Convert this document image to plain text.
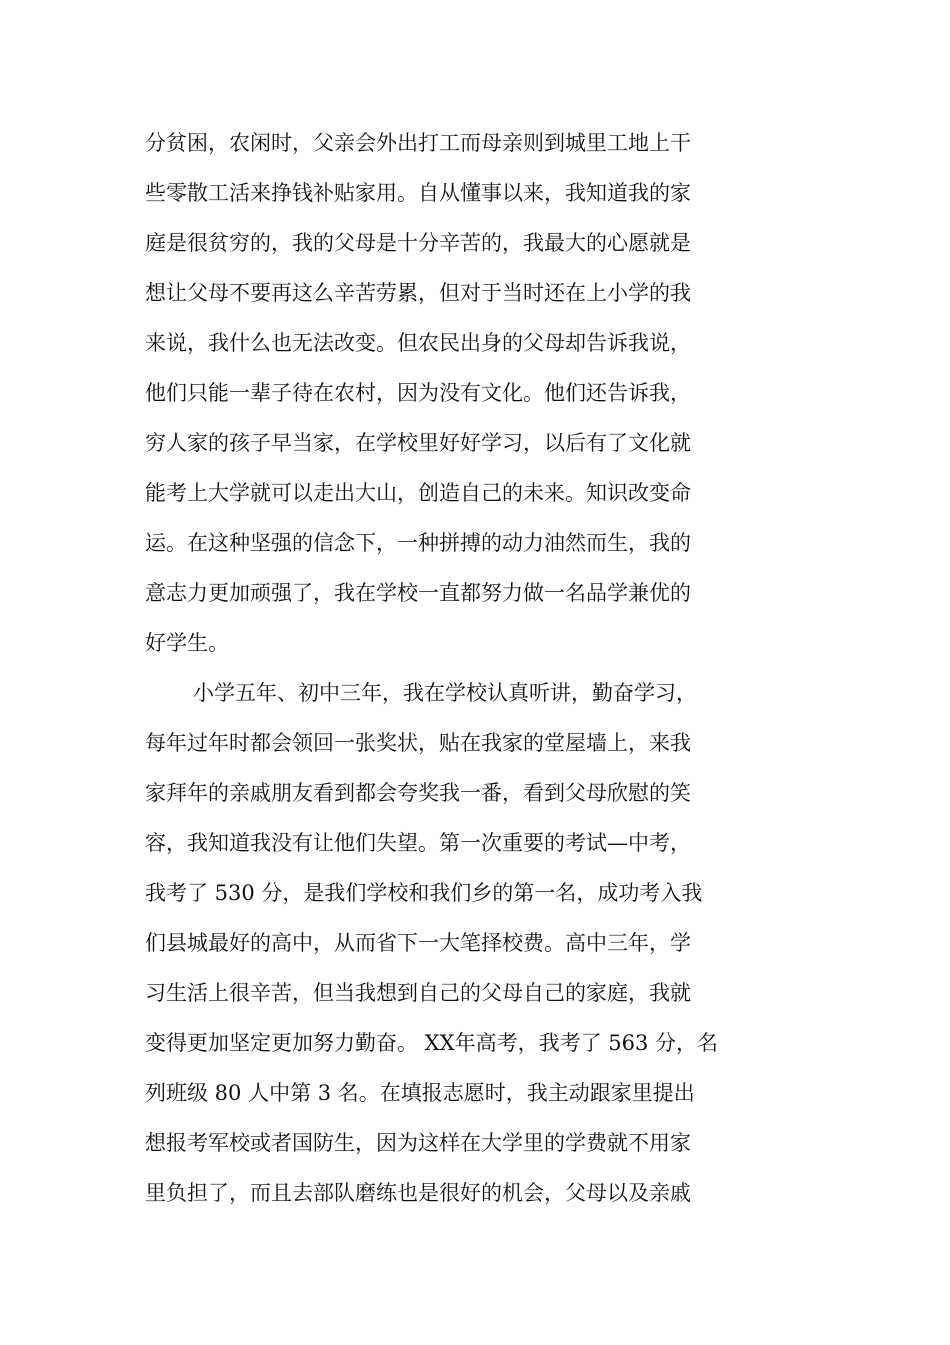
分贫困，农闲时，父亲会外出打工而母亲则到城里工地上干
些零散工活来挣钱补贴家用。自从懂事以来，我知道我的家
庭是很贫穷的，我的父母是十分辛苦的，我最大的心愿就是
想让父母不要再这么辛苦劳累，但对于当时还在上小学的我
来说，我什么也无法改变。但农民出身的父母却告诉我说，
他们只能一辈子待在农村，因为没有文化。他们还告诉我，
穷人家的孩子早当家，在学校里好好学习，以后有了文化就
能考上大学就可以走出大山，创造自己的未来。知识改变命
运。在这种坚强的信念下，一种拼搏的动力油然而生，我的
意志力更加顽强了，我在学校一直都努力做一名品学兼优的
好学生。
小学五年、初中三年，我在学校认真听讲，勤奋学习，
每年过年时都会领回一张奖状，贴在我家的堂屋墙上，来我
家拜年的亲戚朋友看到都会夸奖我一番，看到父母欣慰的笑
容，我知道我没有让他们失望。第一次重要的考试—中考，
我考了 530 分，是我们学校和我们乡的第一名，成功考入我
们县城最好的高中，从而省下一大笔择校费。高中三年，学
习生活上很辛苦，但当我想到自己的父母自己的家庭，我就
变得更加坚定更加努力勤奋。 XX年高考，我考了 563 分，名
列班级 80 人中第 3 名。在填报志愿时，我主动跟家里提出
想报考军校或者国防生，因为这样在大学里的学费就不用家
里负担了，而且去部队磨练也是很好的机会，父母以及亲戚
